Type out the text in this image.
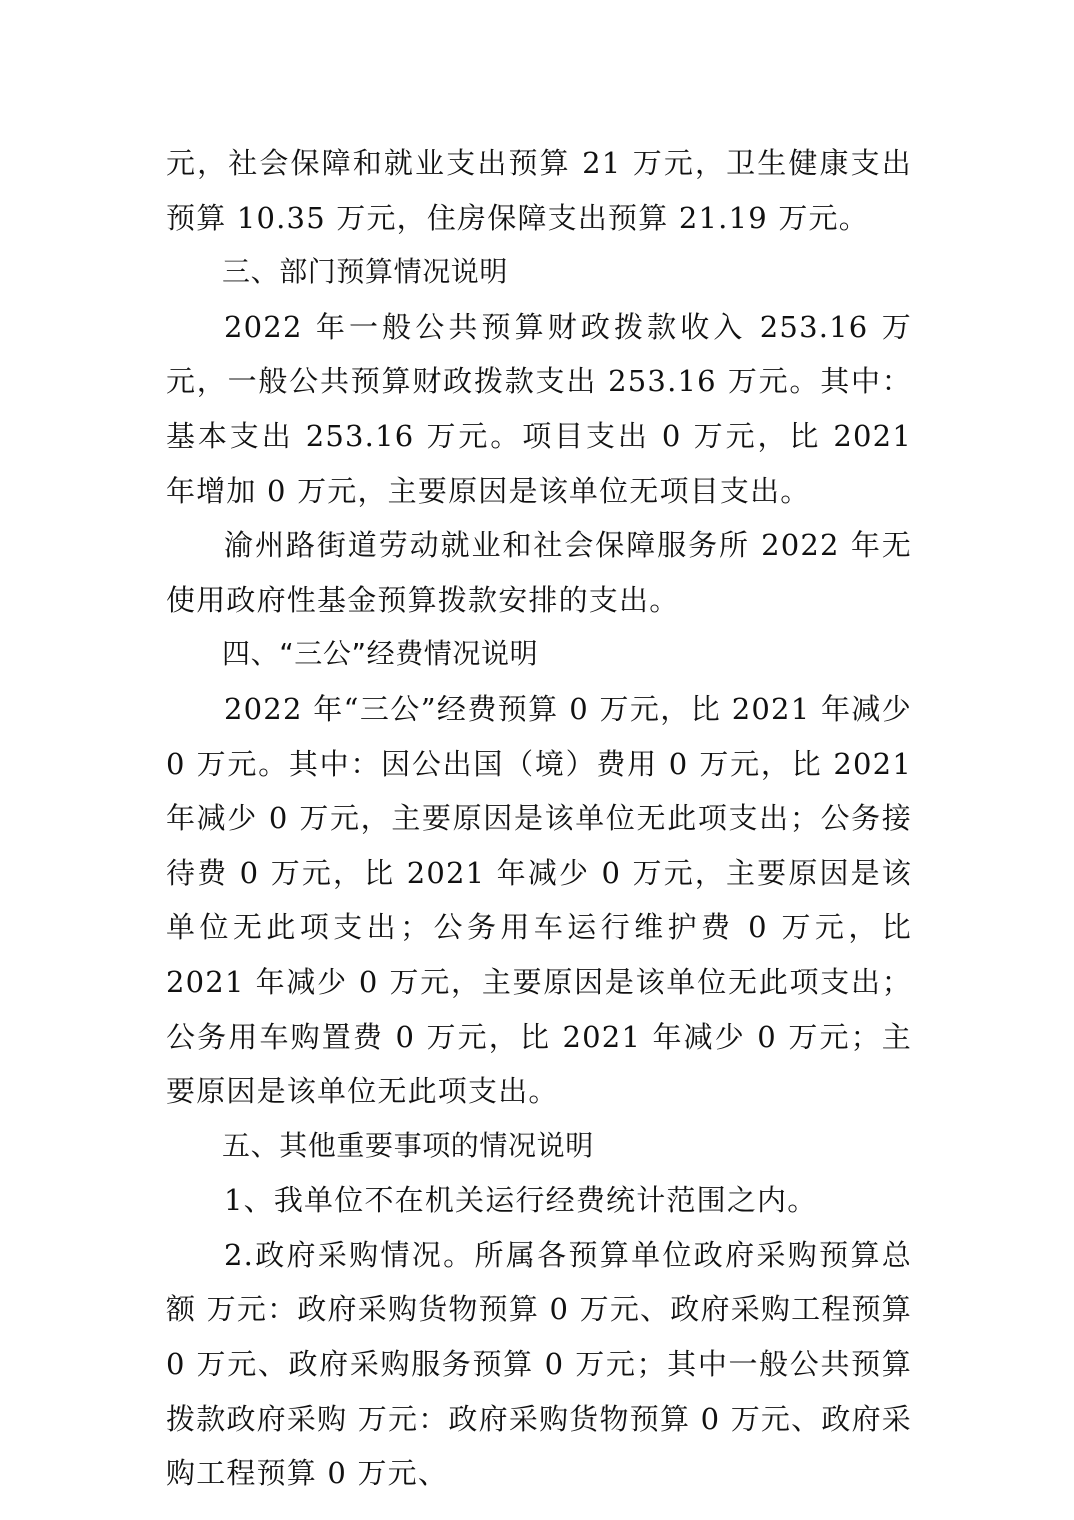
元，社会保障和就业支出预算 21 万元，卫生健康支出预算 10.35 万元，住房保障支出预算 21.19 万元。

三、部门预算情况说明

2022 年一般公共预算财政拨款收入 253.16 万元，一般公共预算财政拨款支出 253.16 万元。其中：基本支出 253.16 万元。项目支出 0 万元，比 2021 年增加 0 万元，主要原因是该单位无项目支出。

渝州路街道劳动就业和社会保障服务所 2022 年无使用政府性基金预算拨款安排的支出。

四、“三公”经费情况说明

2022 年“三公”经费预算 0 万元，比 2021 年减少 0 万元。其中：因公出国（境）费用 0 万元，比 2021 年减少 0 万元，主要原因是该单位无此项支出；公务接待费 0 万元，比 2021 年减少 0 万元，主要原因是该单位无此项支出；公务用车运行维护费 0 万元，比 2021 年减少 0 万元，主要原因是该单位无此项支出；公务用车购置费 0 万元，比 2021 年减少 0 万元；主要原因是该单位无此项支出。

五、其他重要事项的情况说明

1、我单位不在机关运行经费统计范围之内。

2.政府采购情况。所属各预算单位政府采购预算总额 万元：政府采购货物预算 0 万元、政府采购工程预算 0 万元、政府采购服务预算 0 万元；其中一般公共预算拨款政府采购 万元：政府采购货物预算 0 万元、政府采购工程预算 0 万元、
